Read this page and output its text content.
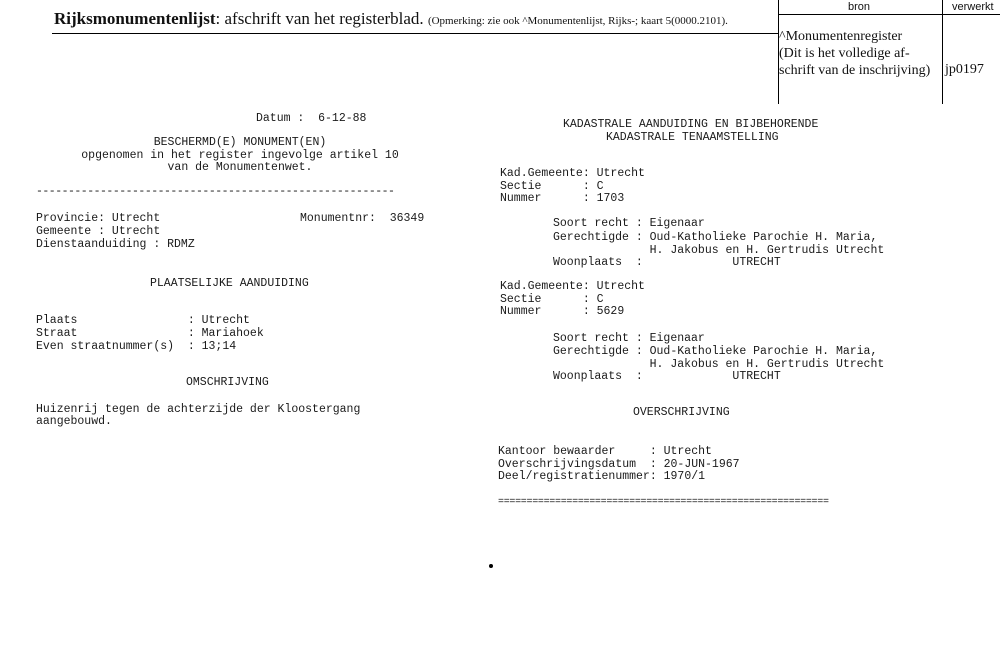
Rijksmonumentenlijst: afschrift van het registerblad. (Opmerking: zie ook ^Monumentenlijst, Rijks-; kaart 5(0000.2101).
bron	verwerkt
^Monumentenregister
(Dit is het volledige af-
schrift van de inschrijving)	jp0197
Datum :  6-12-88
BESCHERMD(E) MONUMENT(EN)
opgenomen in het register ingevolge artikel 10
van de Monumentenwet.
--------------------------------------------------------
Provincie: Utrecht	Monumentnr:  36349
Gemeente : Utrecht
Dienstaanduiding : RDMZ
PLAATSELIJKE AANDUIDING
Plaats                : Utrecht
Straat                : Mariahoek
Even straatnummer(s)  : 13;14
OMSCHRIJVING
Huizenrij tegen de achterzijde der Kloostergang
aangebouwd.
KADASTRALE AANDUIDING EN BIJBEHORENDE
KADASTRALE TENAAMSTELLING
Kad.Gemeente: Utrecht
Sectie      : C
Nummer      : 1703
Soort recht : Eigenaar
Gerechtigde : Oud-Katholieke Parochie H. Maria,
H. Jakobus en H. Gertrudis Utrecht
Woonplaats  :             UTRECHT
Kad.Gemeente: Utrecht
Sectie      : C
Nummer      : 5629
Soort recht : Eigenaar
Gerechtigde : Oud-Katholieke Parochie H. Maria,
H. Jakobus en H. Gertrudis Utrecht
Woonplaats  :             UTRECHT
OVERSCHRIJVING
Kantoor bewaarder     : Utrecht
Overschrijvingsdatum  : 20-JUN-1967
Deel/registratienummer: 1970/1
==========================================================
